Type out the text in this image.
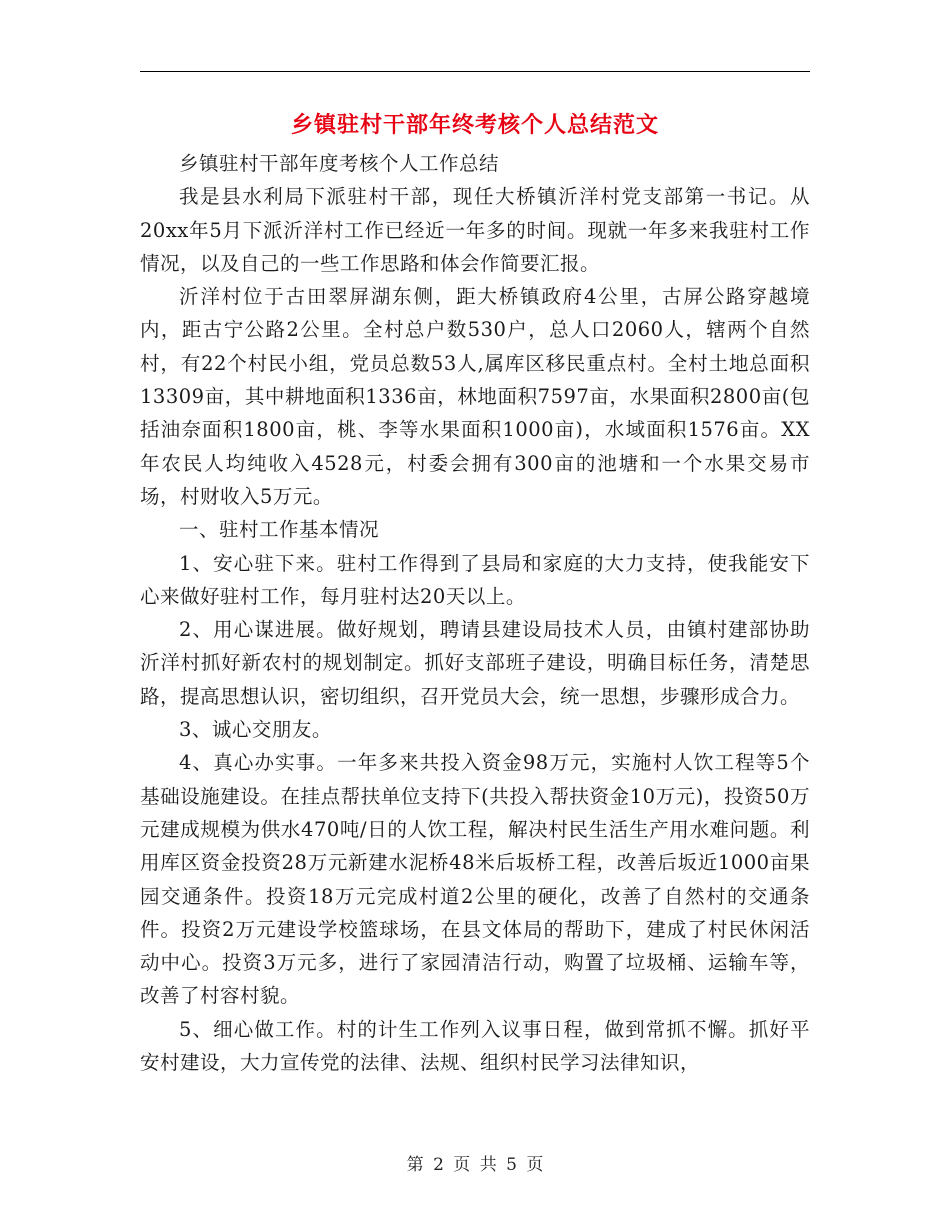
乡镇驻村干部年终考核个人总结范文

乡镇驻村干部年度考核个人工作总结

我是县水利局下派驻村干部，现任大桥镇沂洋村党支部第一书记。从20xx年5月下派沂洋村工作已经近一年多的时间。现就一年多来我驻村工作情况，以及自己的一些工作思路和体会作简要汇报。

沂洋村位于古田翠屏湖东侧，距大桥镇政府4公里，古屏公路穿越境内，距古宁公路2公里。全村总户数530户，总人口2060人，辖两个自然村，有22个村民小组，党员总数53人,属库区移民重点村。全村土地总面积13309亩，其中耕地面积1336亩，林地面积7597亩，水果面积2800亩(包括油奈面积1800亩，桃、李等水果面积1000亩)，水域面积1576亩。XX年农民人均纯收入4528元，村委会拥有300亩的池塘和一个水果交易市场，村财收入5万元。

一、驻村工作基本情况

1、安心驻下来。驻村工作得到了县局和家庭的大力支持，使我能安下心来做好驻村工作，每月驻村达20天以上。

2、用心谋进展。做好规划，聘请县建设局技术人员，由镇村建部协助沂洋村抓好新农村的规划制定。抓好支部班子建设，明确目标任务，清楚思路，提高思想认识，密切组织，召开党员大会，统一思想，步骤形成合力。

3、诚心交朋友。

4、真心办实事。一年多来共投入资金98万元，实施村人饮工程等5个基础设施建设。在挂点帮扶单位支持下(共投入帮扶资金10万元)，投资50万元建成规模为供水470吨/日的人饮工程，解决村民生活生产用水难问题。利用库区资金投资28万元新建水泥桥48米后坂桥工程，改善后坂近1000亩果园交通条件。投资18万元完成村道2公里的硬化，改善了自然村的交通条件。投资2万元建设学校篮球场，在县文体局的帮助下，建成了村民休闲活动中心。投资3万元多，进行了家园清洁行动，购置了垃圾桶、运输车等，改善了村容村貌。

5、细心做工作。村的计生工作列入议事日程，做到常抓不懈。抓好平安村建设，大力宣传党的法律、法规、组织村民学习法律知识，

第 2 页 共 5 页
